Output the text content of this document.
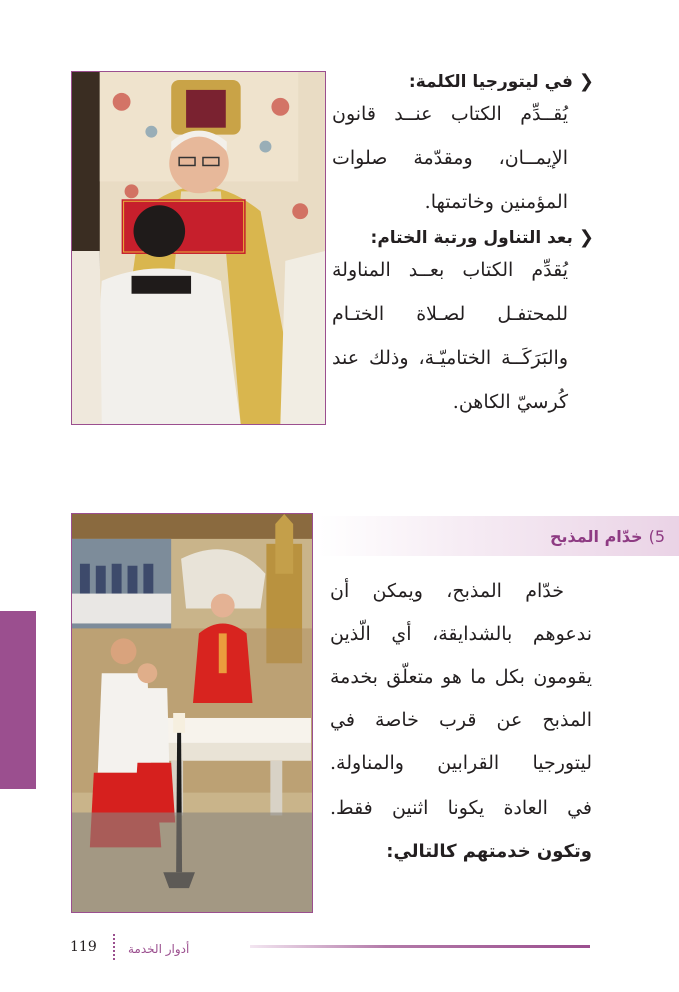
❮
في ليتورجيا الكلمة:

يُقــدِّم الكتاب عنــد قانون الإيمــان، ومقدّمة صلوات المؤمنين وخاتمتها.

❮
بعد التناول ورتبة الختام:

يُقدِّم الكتاب بعــد المناولة للمحتفـل لصـلاة الختـام والبَرَكَــة الختاميّـة، وذلك عند كُرسيّ الكاهن.

5)
خدّام المذبح

خدّام المذبح، ويمكن أن ندعوهم بالشدايقة، أي الّذين يقومون بكل ما هو متعلّق بخدمة المذبح عن قرب خاصة في ليتورجيا القرابين والمناولة.

في العادة يكونا اثنين فقط. وتكون خدمتهم كالتالي:

119	أدوار الخدمة
